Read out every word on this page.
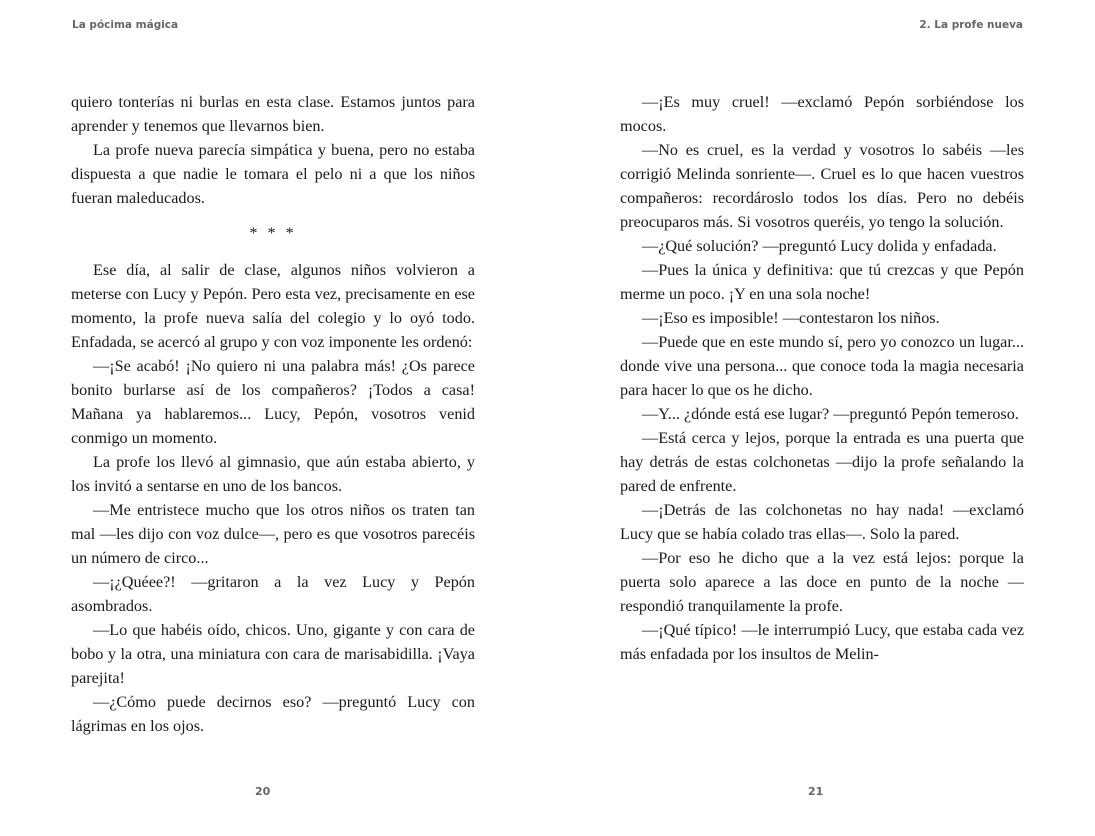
La pócima mágica	2. La profe nueva

quiero tonterías ni burlas en esta clase. Estamos juntos para aprender y tenemos que llevarnos bien.

La profe nueva parecía simpática y buena, pero no estaba dispuesta a que nadie le tomara el pelo ni a que los niños fueran maleducados.

* * *

Ese día, al salir de clase, algunos niños volvieron a meterse con Lucy y Pepón. Pero esta vez, precisamente en ese momento, la profe nueva salía del colegio y lo oyó todo. Enfadada, se acercó al grupo y con voz imponente les ordenó:

—¡Se acabó! ¡No quiero ni una palabra más! ¿Os parece bonito burlarse así de los compañeros? ¡Todos a casa! Mañana ya hablaremos... Lucy, Pepón, vosotros venid conmigo un momento.

La profe los llevó al gimnasio, que aún estaba abierto, y los invitó a sentarse en uno de los bancos.

—Me entristece mucho que los otros niños os traten tan mal —les dijo con voz dulce—, pero es que vosotros parecéis un número de circo...

—¡¿Quéee?! —gritaron a la vez Lucy y Pepón asombrados.

—Lo que habéis oído, chicos. Uno, gigante y con cara de bobo y la otra, una miniatura con cara de marisabidilla. ¡Vaya parejita!

—¿Cómo puede decirnos eso? —preguntó Lucy con lágrimas en los ojos.

—¡Es muy cruel! —exclamó Pepón sorbiéndose los mocos.

—No es cruel, es la verdad y vosotros lo sabéis —les corrigió Melinda sonriente—. Cruel es lo que hacen vuestros compañeros: recordároslo todos los días. Pero no debéis preocuparos más. Si vosotros queréis, yo tengo la solución.

—¿Qué solución? —preguntó Lucy dolida y enfadada.

—Pues la única y definitiva: que tú crezcas y que Pepón merme un poco. ¡Y en una sola noche!

—¡Eso es imposible! —contestaron los niños.

—Puede que en este mundo sí, pero yo conozco un lugar... donde vive una persona... que conoce toda la magia necesaria para hacer lo que os he dicho.

—Y... ¿dónde está ese lugar? —preguntó Pepón temeroso.

—Está cerca y lejos, porque la entrada es una puerta que hay detrás de estas colchonetas —dijo la profe señalando la pared de enfrente.

—¡Detrás de las colchonetas no hay nada! —exclamó Lucy que se había colado tras ellas—. Solo la pared.

—Por eso he dicho que a la vez está lejos: porque la puerta solo aparece a las doce en punto de la noche —respondió tranquilamente la profe.

—¡Qué típico! —le interrumpió Lucy, que estaba cada vez más enfadada por los insultos de Melin-

20	21
